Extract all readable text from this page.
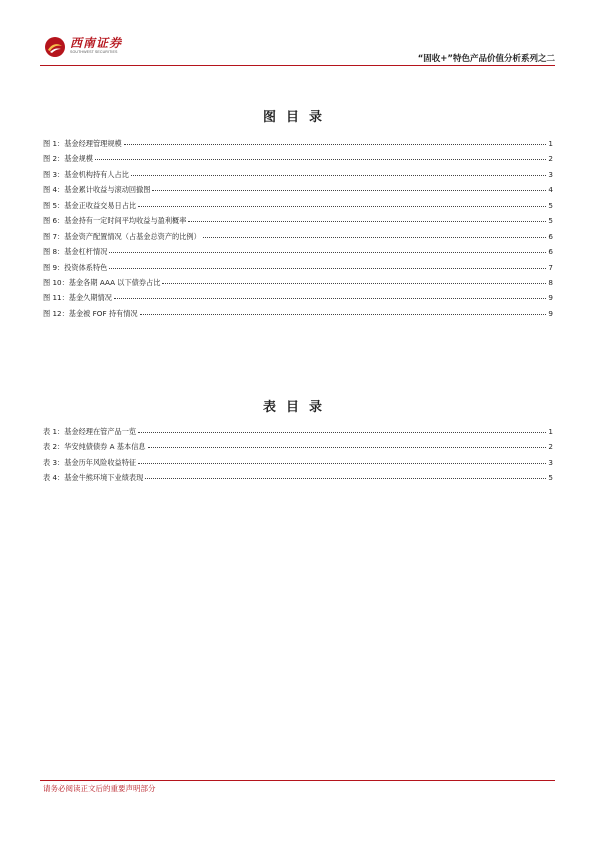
西南证券
SOUTHWEST SECURITIES
“固收+”特色产品价值分析系列之二
图目录
图 1：基金经理管理规模	1
图 2：基金规模	2
图 3：基金机构持有人占比	3
图 4：基金累计收益与滚动回撤图	4
图 5：基金正收益交易日占比	5
图 6：基金持有一定时间平均收益与盈利概率	5
图 7：基金资产配置情况（占基金总资产的比例）	6
图 8：基金杠杆情况	6
图 9：投资体系特色	7
图 10：基金各期 AAA 以下债券占比	8
图 11：基金久期情况	9
图 12：基金被 FOF 持有情况	9
表目录
表 1：基金经理在管产品一览	1
表 2：华安纯债债券 A 基本信息	2
表 3：基金历年风险收益特征	3
表 4：基金牛熊环境下业绩表现	5
请务必阅读正文后的重要声明部分
